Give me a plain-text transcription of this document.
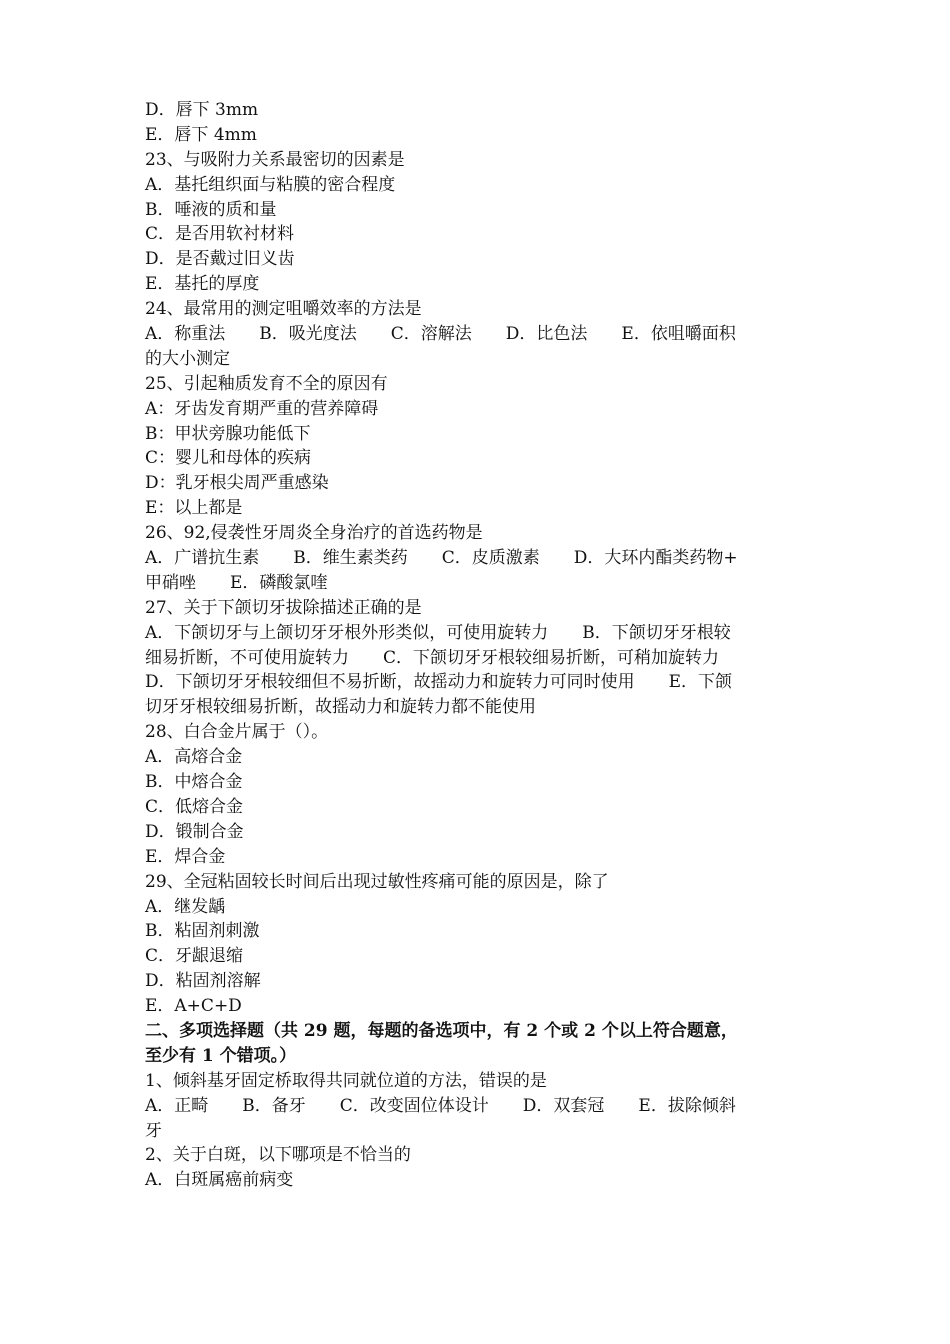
D．唇下 3mm
E．唇下 4mm
23、与吸附力关系最密切的因素是
A．基托组织面与粘膜的密合程度
B．唾液的质和量
C．是否用软衬材料
D．是否戴过旧义齿
E．基托的厚度
24、最常用的测定咀嚼效率的方法是
A．称重法　　B．吸光度法　　C．溶解法　　D．比色法　　E．依咀嚼面积
的大小测定
25、引起釉质发育不全的原因有
A：牙齿发育期严重的营养障碍
B：甲状旁腺功能低下
C：婴儿和母体的疾病
D：乳牙根尖周严重感染
E：以上都是
26、92,侵袭性牙周炎全身治疗的首选药物是
A．广谱抗生素　　B．维生素类药　　C．皮质激素　　D．大环内酯类药物+
甲硝唑　　E．磷酸氯喹
27、关于下颌切牙拔除描述正确的是
A．下颌切牙与上颌切牙牙根外形类似，可使用旋转力　　B．下颌切牙牙根较
细易折断，不可使用旋转力　　C．下颌切牙牙根较细易折断，可稍加旋转力
D．下颌切牙牙根较细但不易折断，故摇动力和旋转力可同时使用　　E．下颌
切牙牙根较细易折断，故摇动力和旋转力都不能使用
28、白合金片属于（）。
A．高熔合金
B．中熔合金
C．低熔合金
D．锻制合金
E．焊合金
29、全冠粘固较长时间后出现过敏性疼痛可能的原因是，除了
A．继发龋
B．粘固剂刺激
C．牙龈退缩
D．粘固剂溶解
E．A+C+D
二、多项选择题（共 29 题，每题的备选项中，有 2 个或 2 个以上符合题意，
至少有 1 个错项。）
1、倾斜基牙固定桥取得共同就位道的方法，错误的是
A．正畸　　B．备牙　　C．改变固位体设计　　D．双套冠　　E．拔除倾斜
牙
2、关于白斑，以下哪项是不恰当的
A．白斑属癌前病变
